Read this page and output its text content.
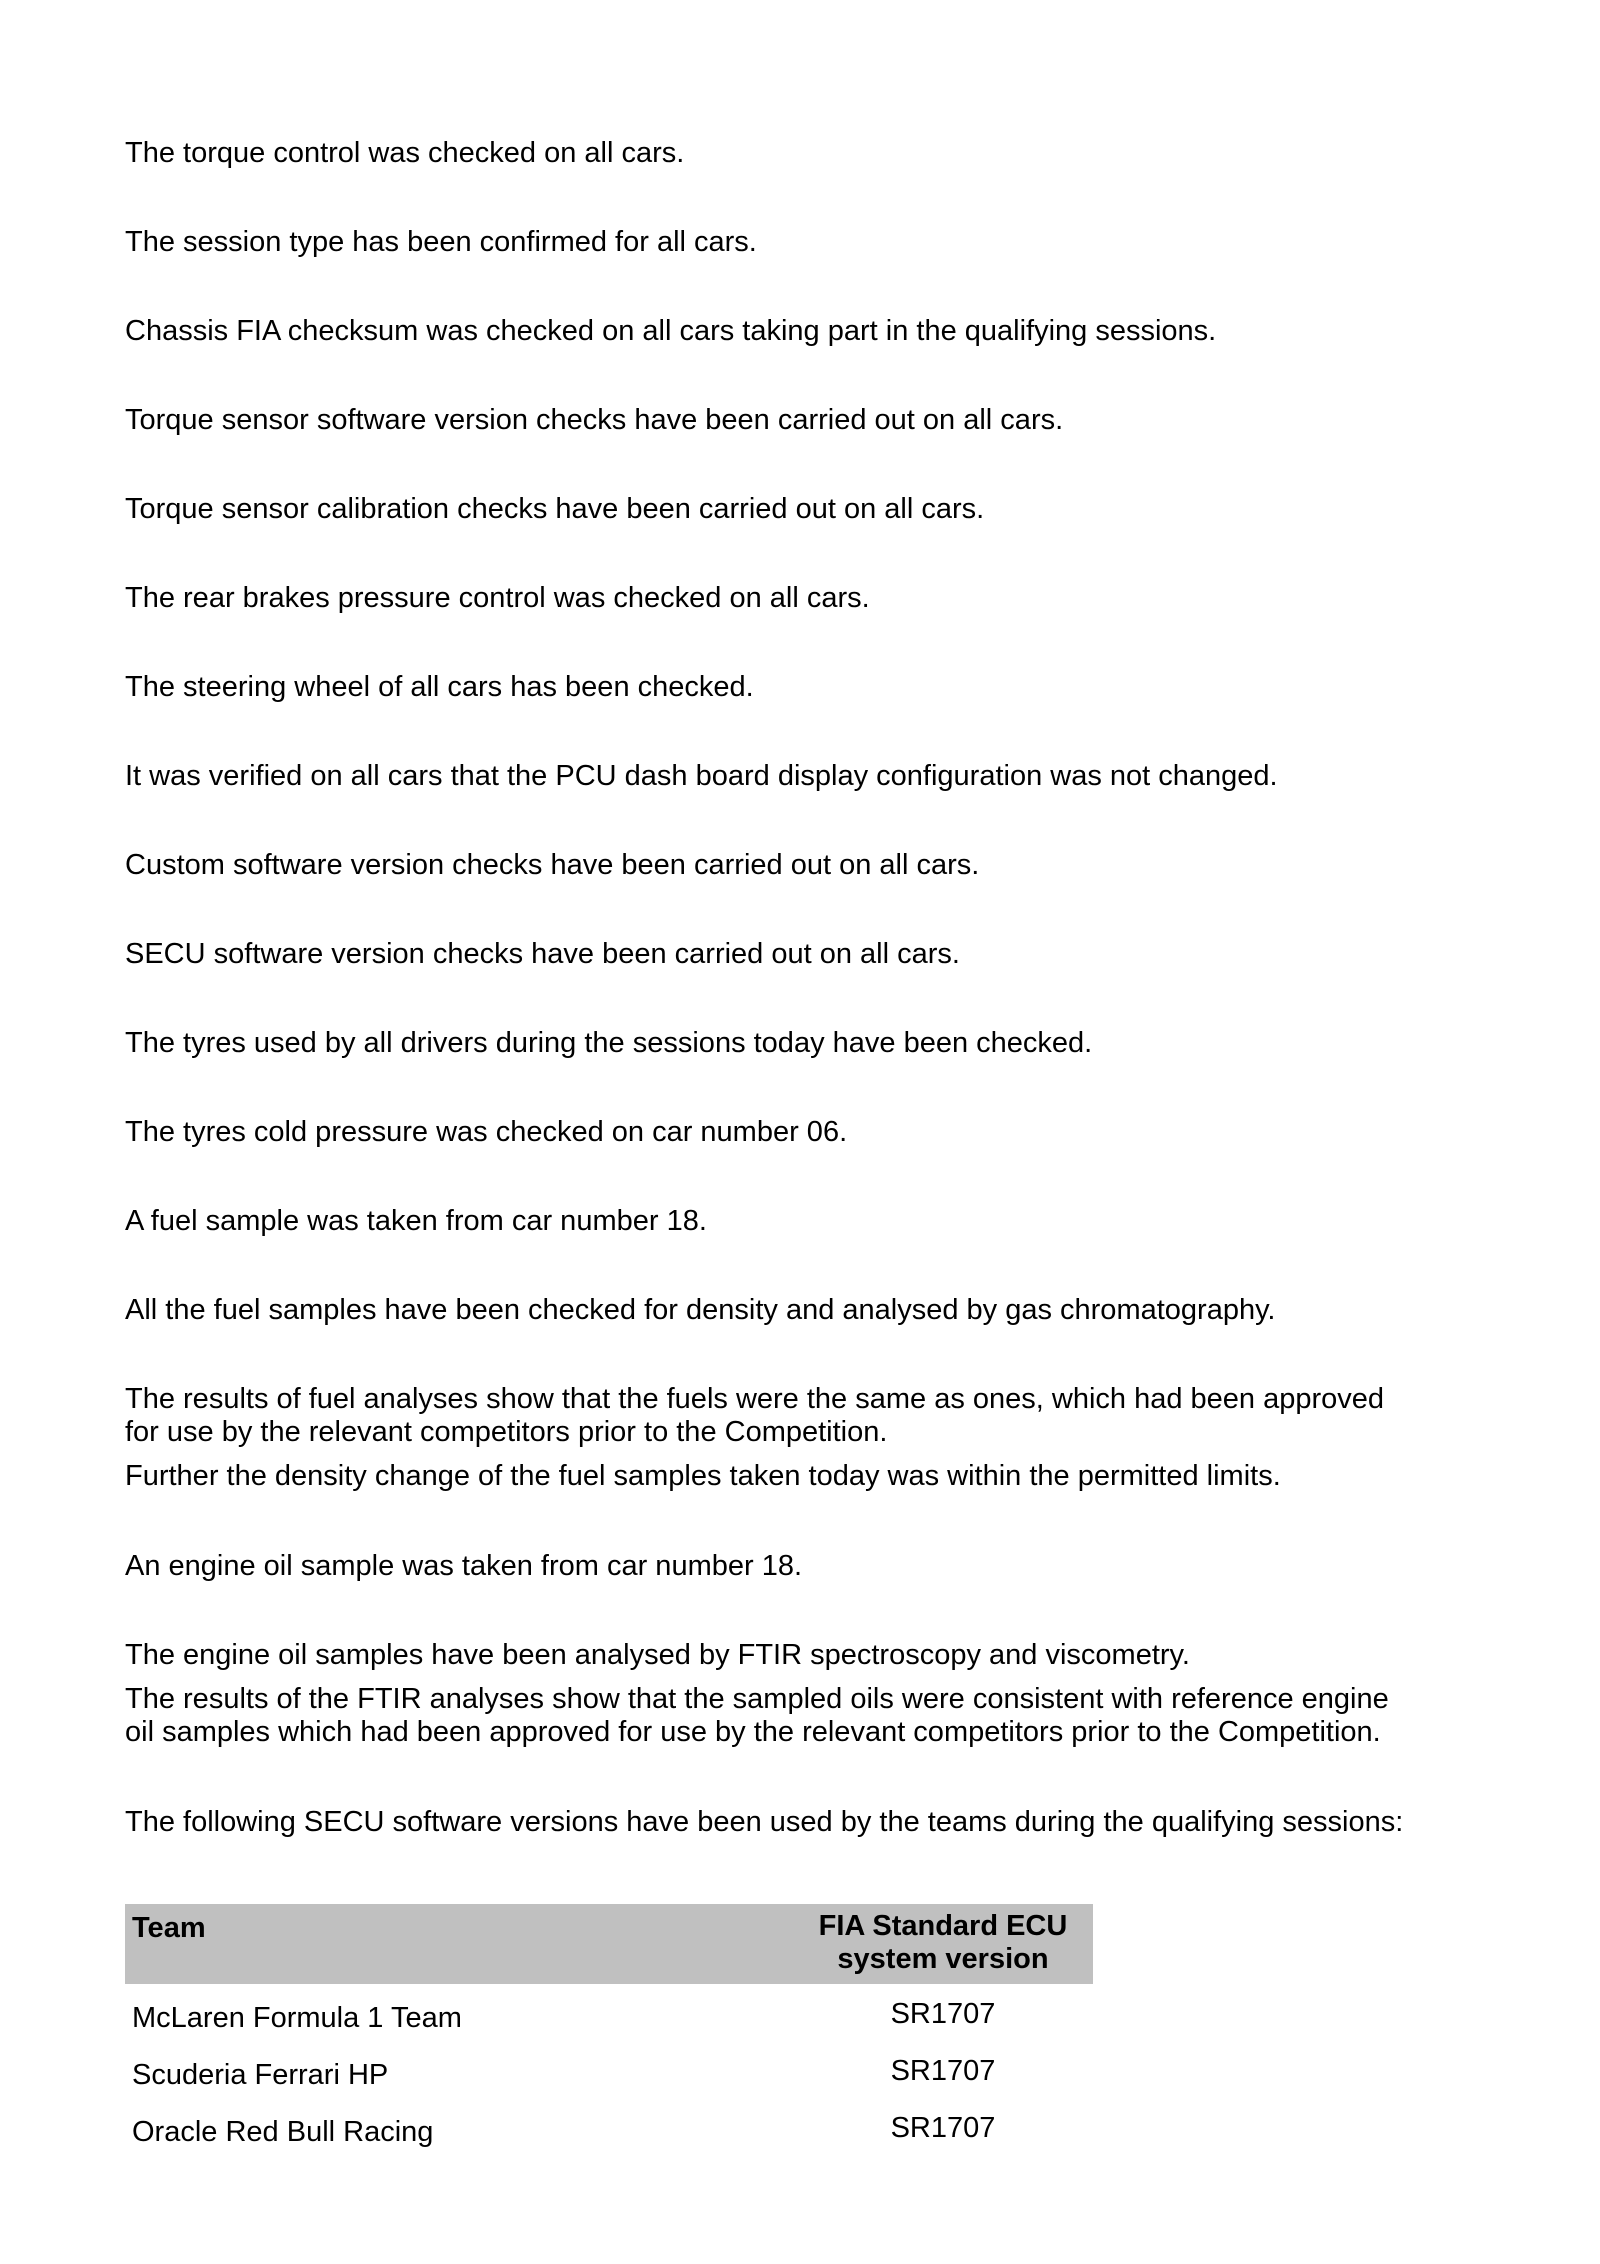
The torque control was checked on all cars.

The session type has been confirmed for all cars.

Chassis FIA checksum was checked on all cars taking part in the qualifying sessions.

Torque sensor software version checks have been carried out on all cars.

Torque sensor calibration checks have been carried out on all cars.

The rear brakes pressure control was checked on all cars.

The steering wheel of all cars has been checked.

It was verified on all cars that the PCU dash board display configuration was not changed.

Custom software version checks have been carried out on all cars.

SECU software version checks have been carried out on all cars.

The tyres used by all drivers during the sessions today have been checked.

The tyres cold pressure was checked on car number 06.

A fuel sample was taken from car number 18.

All the fuel samples have been checked for density and analysed by gas chromatography.

The results of fuel analyses show that the fuels were the same as ones, which had been approved

for use by the relevant competitors prior to the Competition.

Further the density change of the fuel samples taken today was within the permitted limits.

An engine oil sample was taken from car number 18.

The engine oil samples have been analysed by FTIR spectroscopy and viscometry.

The results of the FTIR analyses show that the sampled oils were consistent with reference engine

oil samples which had been approved for use by the relevant competitors prior to the Competition.

The following SECU software versions have been used by the teams during the qualifying sessions:

Team	FIA Standard ECU
system version
McLaren Formula 1 Team	SR1707
Scuderia Ferrari HP	SR1707
Oracle Red Bull Racing	SR1707
